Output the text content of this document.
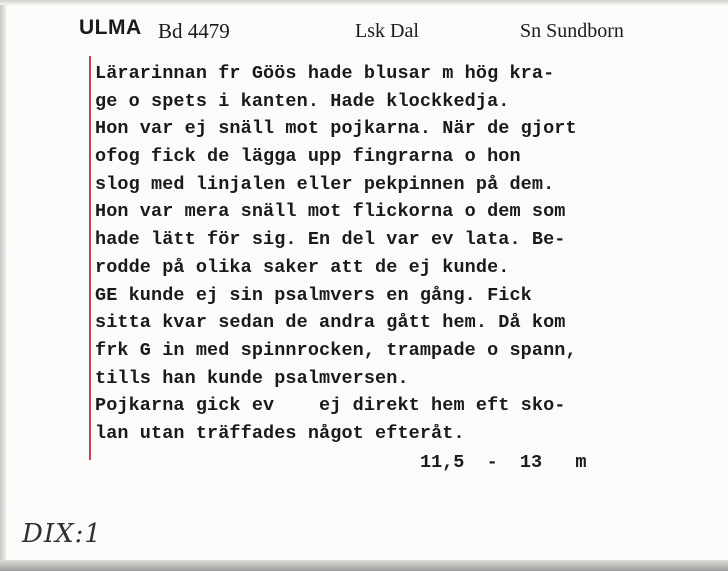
ULMA Bd 4479	Lsk Dal	Sn Sundborn
Lärarinnan fr Göös hade blusar m hög kra-
ge o spets i kanten. Hade klockkedja.
Hon var ej snäll mot pojkarna. När de gjort
ofog fick de lägga upp fingrarna o hon
slog med linjalen eller pekpinnen på dem.
Hon var mera snäll mot flickorna o dem som
hade lätt för sig. En del var ev lata. Be-
rodde på olika saker att de ej kunde.
GE kunde ej sin psalmvers en gång. Fick
sitta kvar sedan de andra gått hem. Då kom
frk G in med spinnrocken, trampade o spann,
tills han kunde psalmversen.
Pojkarna gick ev    ej direkt hem eft sko-
lan utan träffades något efteråt.
11,5  -  13   m
DIX:1
